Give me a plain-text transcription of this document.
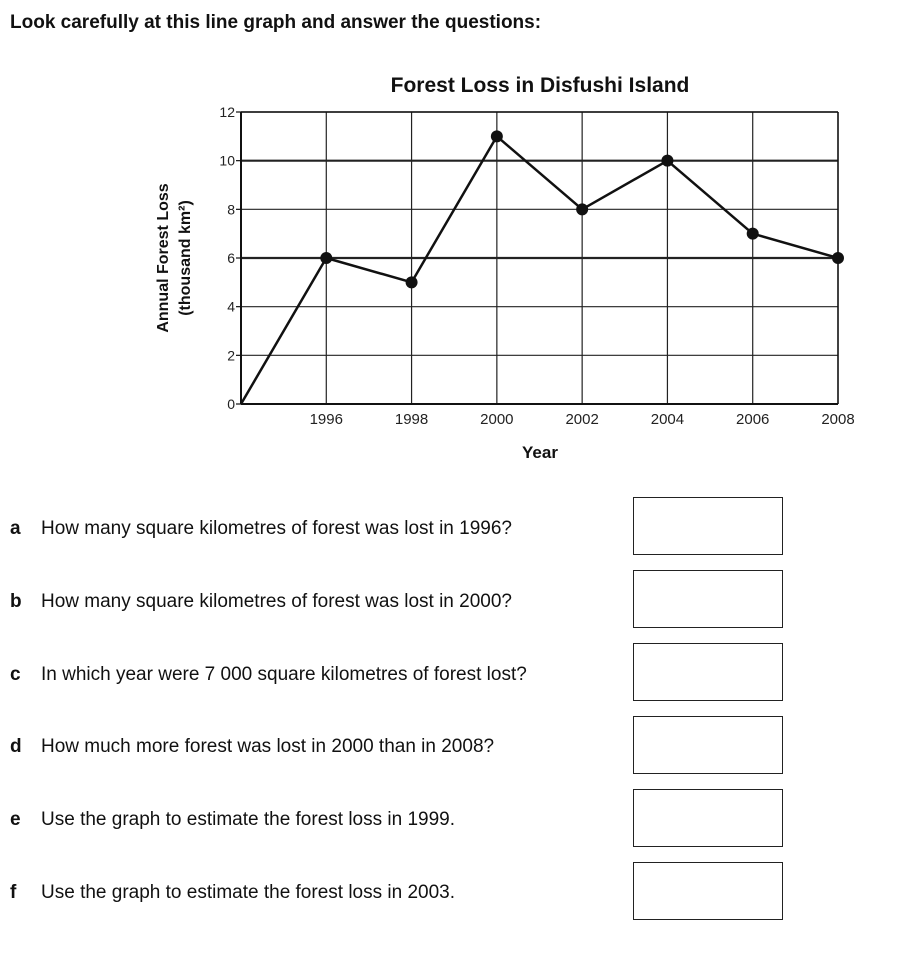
Look carefully at this line graph and answer the questions:

0
2
4
6
8
10
12
1996	1998	2000	2002	2004	2006	2008
Forest Loss in Disfushi Island
Year
Annual Forest Loss (thousand km²)
a How many square kilometres of forest was lost in 1996?
b How many square kilometres of forest was lost in 2000?
c In which year were 7 000 square kilometres of forest lost?
d How much more forest was lost in 2000 than in 2008?
e Use the graph to estimate the forest loss in 1999.
f Use the graph to estimate the forest loss in 2003.
